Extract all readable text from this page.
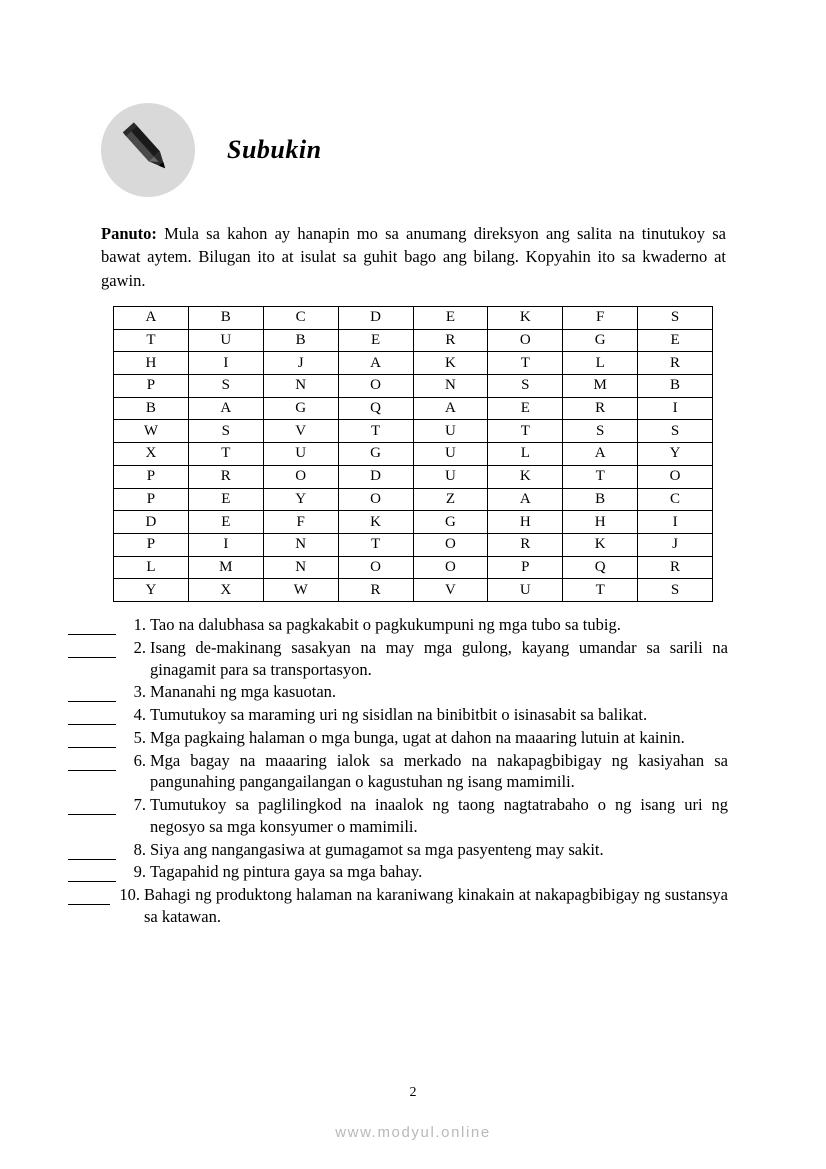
Subukin
Panuto: Mula sa kahon ay hanapin mo sa anumang direksyon ang salita na tinutukoy sa bawat aytem. Bilugan ito at isulat sa guhit bago ang bilang. Kopyahin ito sa kwaderno at gawin.
A	B	C	D	E	K	F	S
T	U	B	E	R	O	G	E
H	I	J	A	K	T	L	R
P	S	N	O	N	S	M	B
B	A	G	Q	A	E	R	I
W	S	V	T	U	T	S	S
X	T	U	G	U	L	A	Y
P	R	O	D	U	K	T	O
P	E	Y	O	Z	A	B	C
D	E	F	K	G	H	H	I
P	I	N	T	O	R	K	J
L	M	N	O	O	P	Q	R
Y	X	W	R	V	U	T	S
1. Tao na dalubhasa sa pagkakabit o pagkukumpuni ng mga tubo sa tubig.
2. Isang de-makinang sasakyan na may mga gulong, kayang umandar sa sarili na ginagamit para sa transportasyon.
3. Mananahi ng mga kasuotan.
4. Tumutukoy sa maraming uri ng sisidlan na binibitbit o isinasabit sa balikat.
5. Mga pagkaing halaman o mga bunga, ugat at dahon na maaaring lutuin at kainin.
6. Mga bagay na maaaring ialok sa merkado na nakapagbibigay ng kasiyahan sa pangunahing pangangailangan o kagustuhan ng isang mamimili.
7. Tumutukoy sa paglilingkod na inaalok ng taong nagtatrabaho o ng isang uri ng negosyo sa mga konsyumer o mamimili.
8. Siya ang nangangasiwa at gumagamot sa mga pasyenteng may sakit.
9. Tagapahid ng pintura gaya sa mga bahay.
10. Bahagi ng produktong halaman na karaniwang kinakain at nakapagbibigay ng sustansya sa katawan.
2
www.modyul.online
